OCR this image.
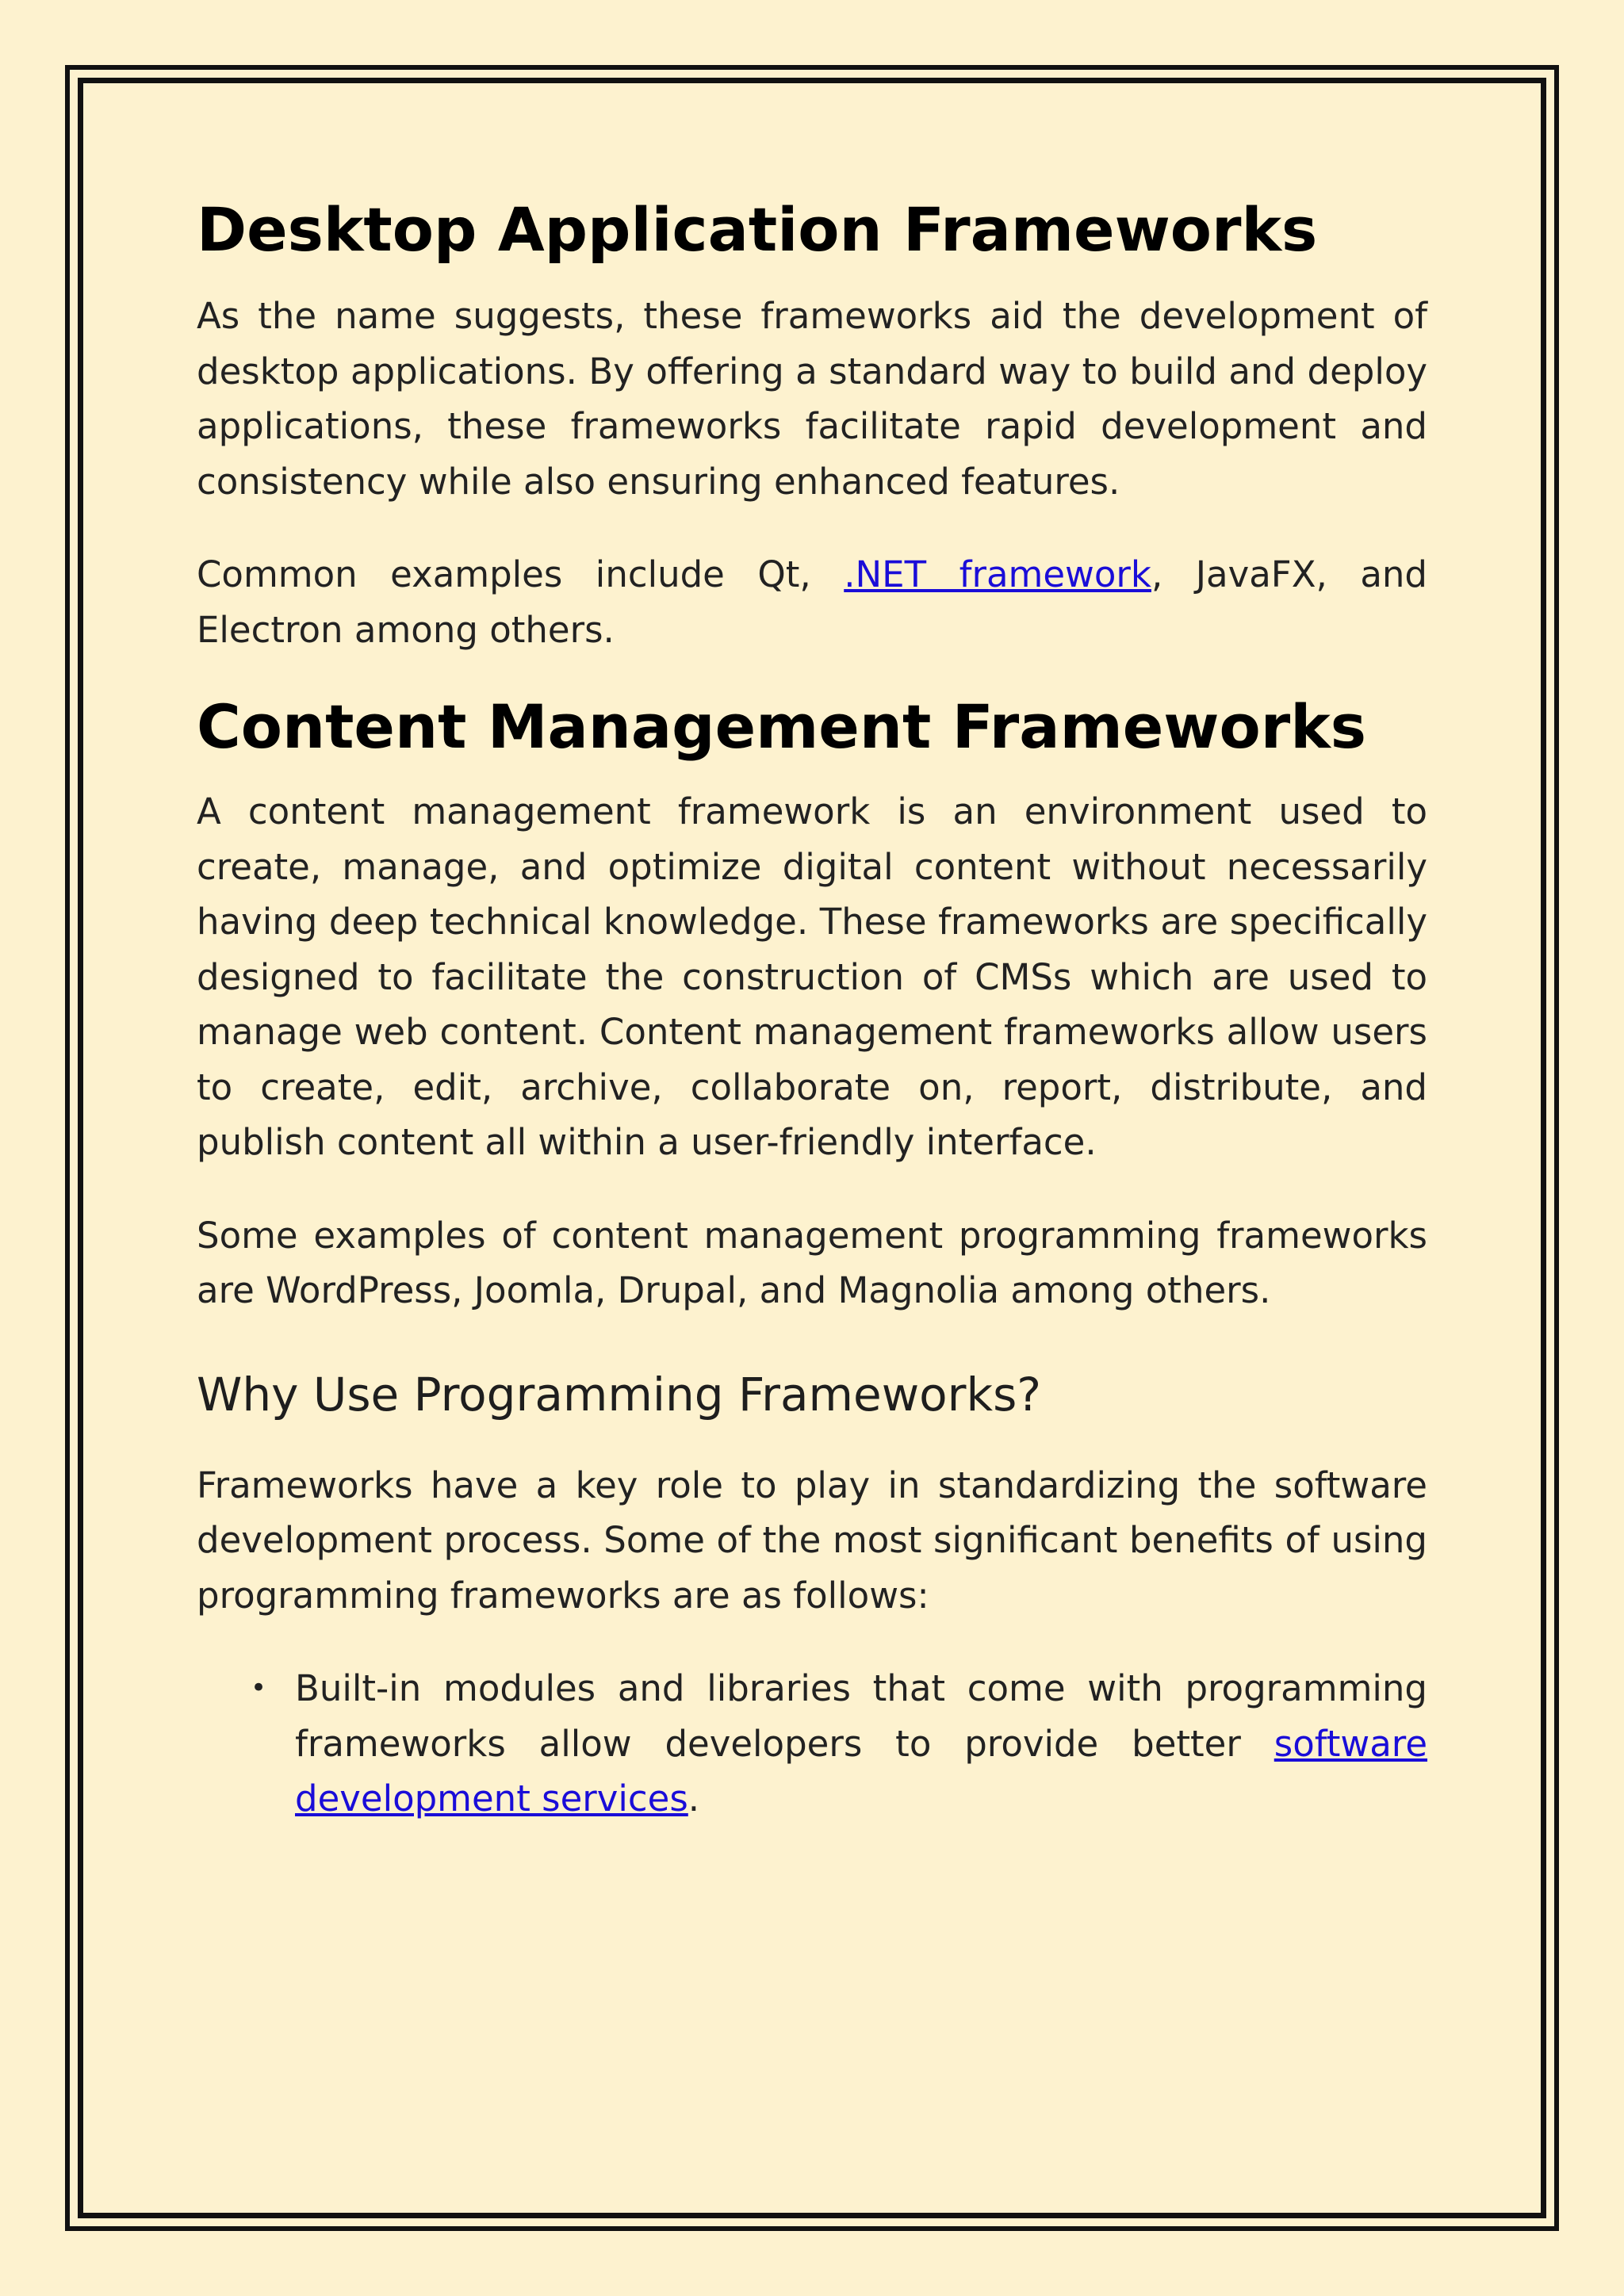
Desktop Application Frameworks

As the name suggests, these frameworks aid the development of desktop applications. By offering a standard way to build and deploy applications, these frameworks facilitate rapid development and consistency while also ensuring enhanced features.

Common examples include Qt, .NET framework, JavaFX, and Electron among others.

Content Management Frameworks

A content management framework is an environment used to create, manage, and optimize digital content without necessarily having deep technical knowledge. These frameworks are specifically designed to facilitate the construction of CMSs which are used to manage web content. Content management frameworks allow users to create, edit, archive, collaborate on, report, distribute, and publish content all within a user-friendly interface.

Some examples of content management programming frameworks are WordPress, Joomla, Drupal, and Magnolia among others.

Why Use Programming Frameworks?

Frameworks have a key role to play in standardizing the software development process. Some of the most significant benefits of using programming frameworks are as follows:

• Built-in modules and libraries that come with programming frameworks allow developers to provide better software development services.
